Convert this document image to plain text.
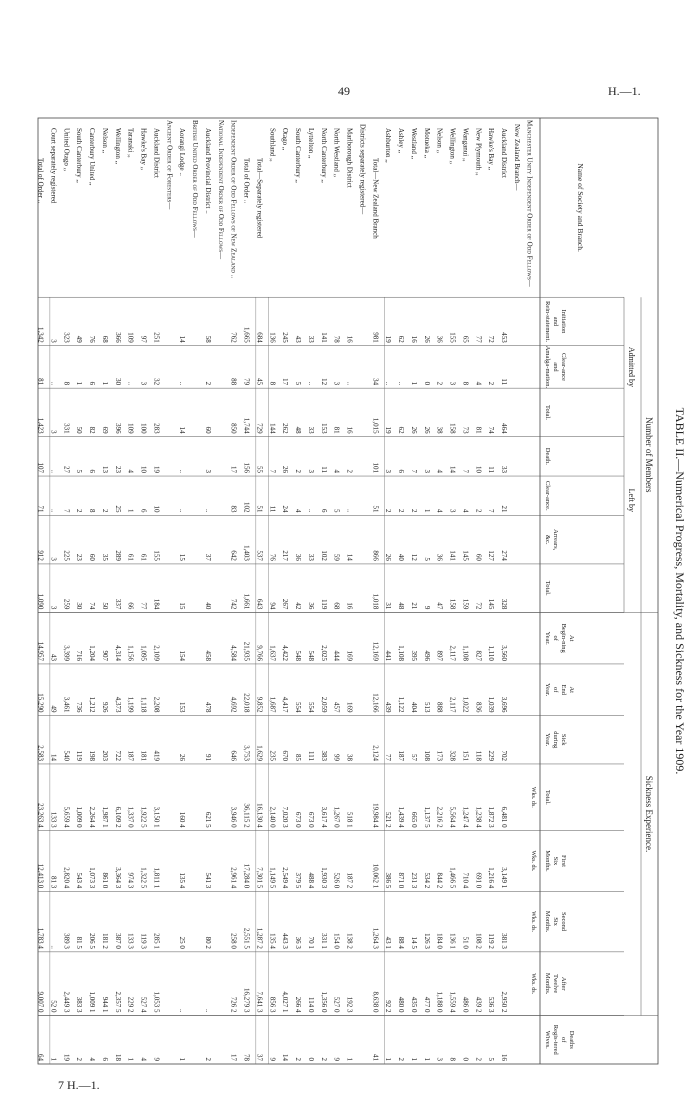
49	H.—1.
7 H.—1.
TABLE II.—Numerical Progress, Mortality, and Sickness for the Year 1909.
Number of Members
Sickness Experience.
Admitted by
Left by
Name of Society and Branch.
InitiationandRein-statement.
Clear-anceandAmalga-mation.
Total.
Death.
Clear-ance.
Arrears,&c.
Total.
AtBegin-ningofYear.
AtEndofYear.
SickduringYear.
Total.
FirstSixMonths.
SecondSixMonths.
AfterTwelveMonths.
DeathsofRegis-teredWives.
Wks. ds.
Wks. ds.
Wks. ds.
Wks. ds.
Manchester Unity Independent Order of Odd Fellows—
New Zealand Branch—
Auckland District
453
11
464
33
21
274
328
3,560
3,696
702
6,481 0
3,149 1
381 3
2,950 2
16
Hawke's Bay ,,
72
2
74
11
7
127
145
1,110
1,039
229
1,872 3
1,216 4
119 2
536 3
5
New Plymouth ,,
77
4
81
10
2
60
72
827
836
118
1,238 4
691 0
108 2
439 2
2
Wanganui ,,
65
8
73
7
4
145
159
1,108
1,022
151
1,247 4
710 4
51 0
486 0
0
Wellington ,,
155
3
158
14
3
141
158
2,117
2,117
328
5,564 4
1,466 5
136 1
1,559 4
8
Nelson ,,
36
2
38
4
4
36
47
897
888
173
2,216 2
844 2
184 0
1,188 0
3
Motueka ,,
26
0
26
3
1
5
9
496
513
108
1,137 5
534 2
126 3
477 0
1
Westland ,,
16
1
26
7
2
12
21
395
404
57
665 0
231 3
14 5
435 0
1
Ashley ,,
62
..
62
6
2
40
48
1,108
1,122
187
1,439 4
871 0
88 4
480 0
2
Ashburton ,,
19
..
19
3
2
26
31
441
439
77
521 2
386 5
43 1
92 2
1
Total—New Zealand Branch
981
34
1,015
101
51
866
1,018
12,169
12,166
2,124
19,984 4
10,062 1
1,264 3
8,638 0
41
Districts separately registered—
Marlborough District
16
..
16
2
..
14
16
169
169
38
518 1
187 2
138 2
192 3
1
North Westland ,,
78
3
81
4
5
59
68
444
457
99
1,267 0
526 0
154 0
527 0
9
North Canterbury ,,
141
12
153
11
6
102
119
2,025
2,059
383
3,617 4
1,930 3
331 1
1,356 0
2
Lyttelton ,,
33
..
33
3
..
33
36
548
554
111
673 0
488 4
70 1
114 0
0
South Canterbury ,,
43
5
48
2
4
36
42
548
554
85
673 0
379 5
36 3
266 4
2
Otago ,,
245
17
262
26
24
217
267
4,422
4,417
670
7,020 3
2,549 4
443 3
4,027 1
14
Southland ,,
136
8
144
7
11
76
94
1,637
1,687
235
2,140 0
1,149 5
135 4
856 3
9
Total—Separately registered
684
45
729
55
51
537
643
9,766
9,852
1,629
16,130 4
7,301 5
1,287 2
7,641 3
37
Total of Order ..
1,665
79
1,744
156
102
1,403
1,661
21,935
22,018
3,753
36,115 2
17,284 0
2,551 5
16,279 3
78
Independent Order of Odd Fellows of New Zealand ..
762
88
850
17
83
642
742
4,584
4,692
646
3,946 0
2,961 4
258 0
726 2
17
National Independent Order of Odd Fellows—
Auckland Provincial District ..
58
2
60
3
..
37
40
458
478
91
621 5
541 3
80 2
..
2
British United Order of Odd Fellows—
Aorangi Lodge ..
14
..
14
..
..
15
15
154
153
26
160 4
135 4
25 0
..
1
Ancient Order of Foresters—
Auckland District
251
32
283
19
10
155
184
2,109
2,208
419
3,150 1
1,811 1
285 1
1,053 5
9
Hawke's Bay ,,
97
3
100
10
6
61
77
1,095
1,118
181
1,922 5
1,322 5
119 3
527 4
4
Taranaki ,,
109
..
109
4
1
61
66
1,156
1,199
187
1,337 0
974 3
133 3
229 2
1
Wellington ,,
366
30
396
23
25
289
337
4,314
4,373
722
6,109 2
3,364 3
387 0
2,357 5
18
Nelson ,,
68
1
69
13
2
35
50
907
926
203
1,987 1
861 0
181 2
944 1
6
Canterbury United ,,
76
6
82
6
8
60
74
1,204
1,212
198
2,264 4
1,073 3
206 5
1,009 1
4
South Canterbury ,,
49
1
50
5
2
23
30
716
736
119
1,009 0
543 4
81 5
383 3
2
United Otago ,,
323
8
331
27
7
225
259
3,399
3,461
540
5,659 4
2,820 4
389 3
2,449 3
19
Court separately registered
3
..
3
..
..
3
3
43
49
14
133 3
81 3
..
52 0
1
Total of Order ..
1,342
81
1,423
107
71
912
1,090
14,957
15,290
2,583
23,263 4
12,413 0
1,783 4
9,007 0
64
